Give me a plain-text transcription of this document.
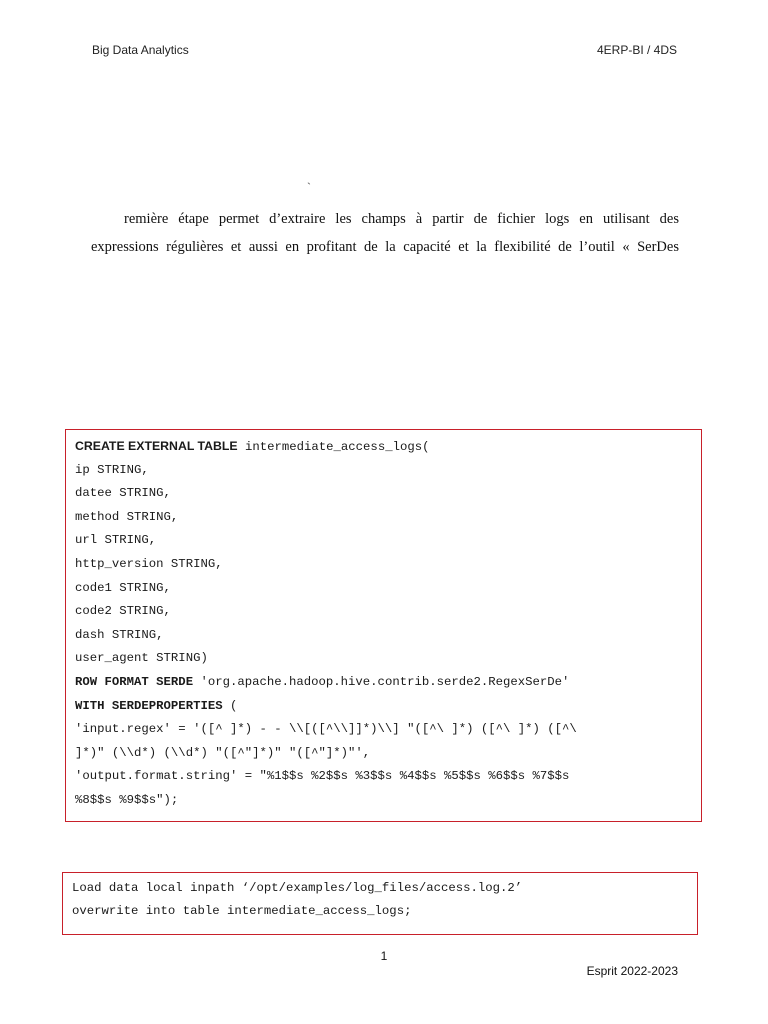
Big Data Analytics	4ERP-BI / 4DS
`
remière étape permet d’extraire les champs à partir de fichier logs en utilisant des
expressions régulières et aussi en profitant de la capacité et la flexibilité de l’outil « SerDes
CREATE EXTERNAL TABLE intermediate_access_logs(
ip STRING,
datee STRING,
method STRING,
url STRING,
http_version STRING,
code1 STRING,
code2 STRING,
dash STRING,
user_agent STRING)
ROW FORMAT SERDE 'org.apache.hadoop.hive.contrib.serde2.RegexSerDe'
WITH SERDEPROPERTIES (
'input.regex' = '([^ ]*) - - \\[([^\\]]*)\\] "([^\ ]*) ([^\ ]*) ([^\
]*)" (\\d*) (\\d*) "([^"]*)" "([^"]*)"',
'output.format.string' = "%1$$s %2$$s %3$$s %4$$s %5$$s %6$$s %7$$s
%8$$s %9$$s");
Load data local inpath ‘/opt/examples/log_files/access.log.2’
overwrite into table intermediate_access_logs;
1
Esprit 2022-2023
